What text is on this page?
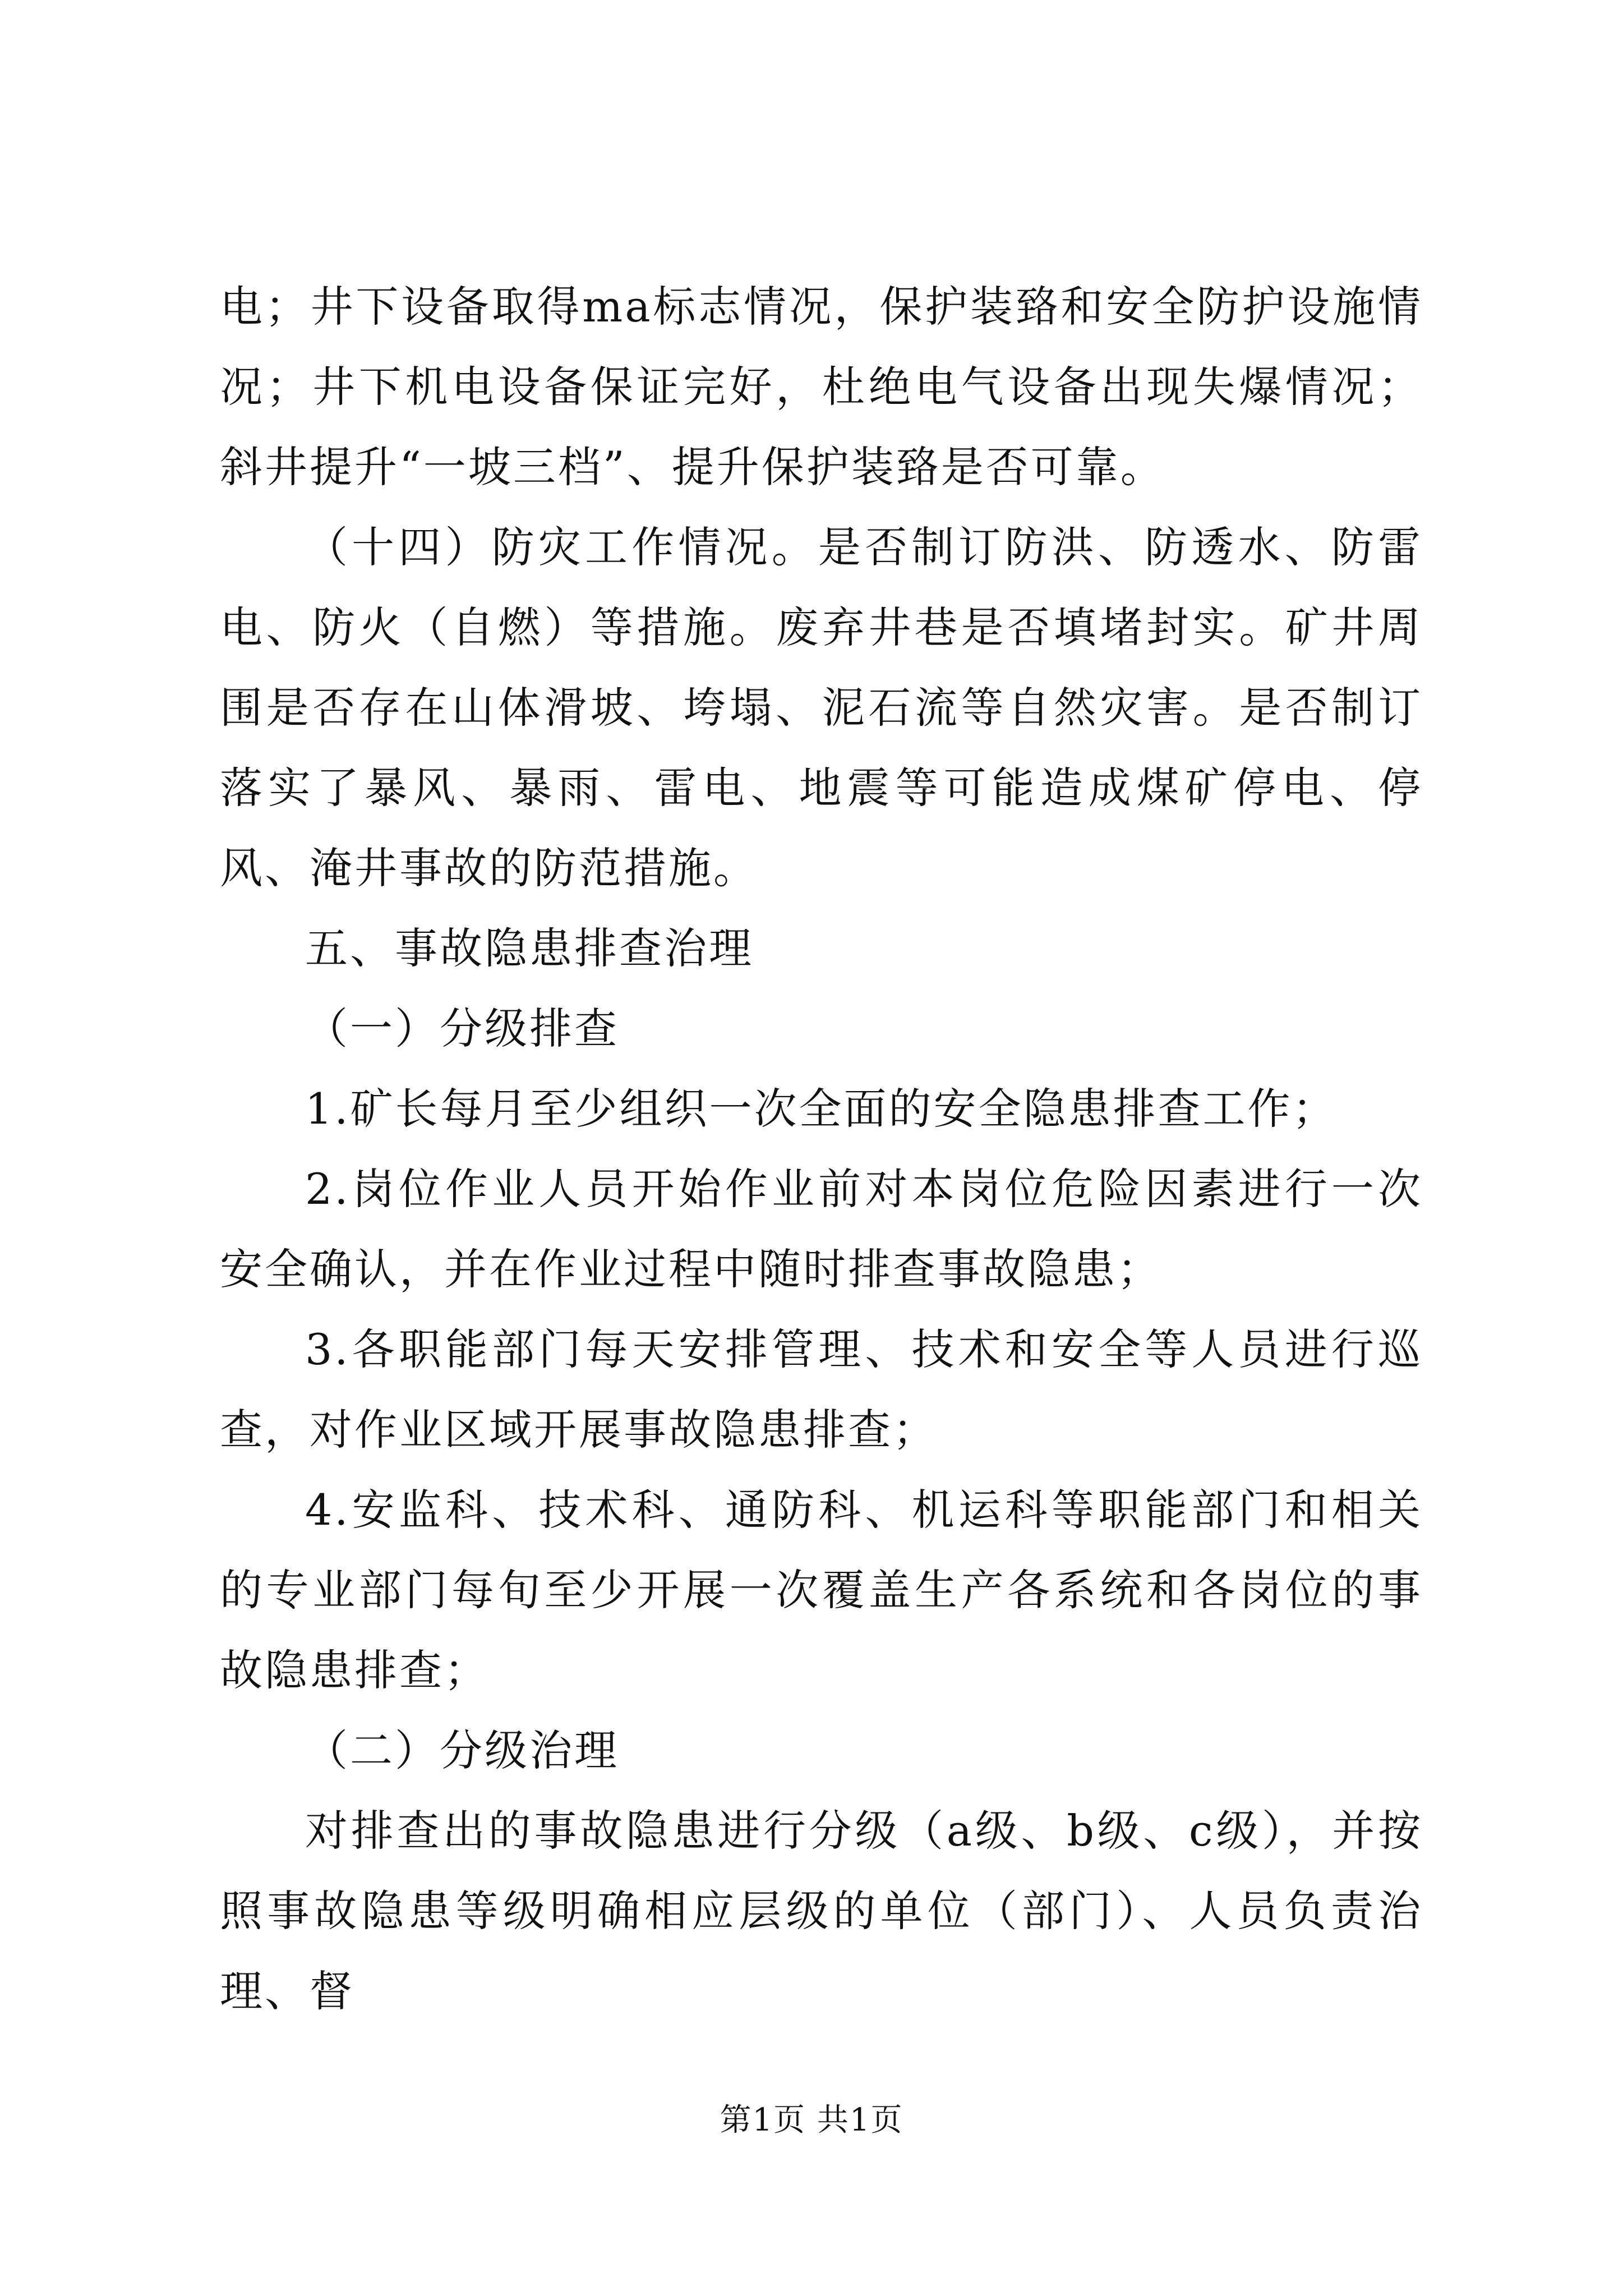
电；井下设备取得ma标志情况，保护装臵和安全防护设施情况；井下机电设备保证完好，杜绝电气设备出现失爆情况；斜井提升“一坡三档”、提升保护装臵是否可靠。

（十四）防灾工作情况。是否制订防洪、防透水、防雷电、防火（自燃）等措施。废弃井巷是否填堵封实。矿井周围是否存在山体滑坡、垮塌、泥石流等自然灾害。是否制订落实了暴风、暴雨、雷电、地震等可能造成煤矿停电、停风、淹井事故的防范措施。

五、事故隐患排查治理

（一）分级排查

1.矿长每月至少组织一次全面的安全隐患排查工作；

2.岗位作业人员开始作业前对本岗位危险因素进行一次安全确认，并在作业过程中随时排查事故隐患；

3.各职能部门每天安排管理、技术和安全等人员进行巡查，对作业区域开展事故隐患排查；

4.安监科、技术科、通防科、机运科等职能部门和相关的专业部门每旬至少开展一次覆盖生产各系统和各岗位的事故隐患排查；

（二）分级治理

对排查出的事故隐患进行分级（a级、b级、c级），并按照事故隐患等级明确相应层级的单位（部门）、人员负责治理、督

第1页 共1页
